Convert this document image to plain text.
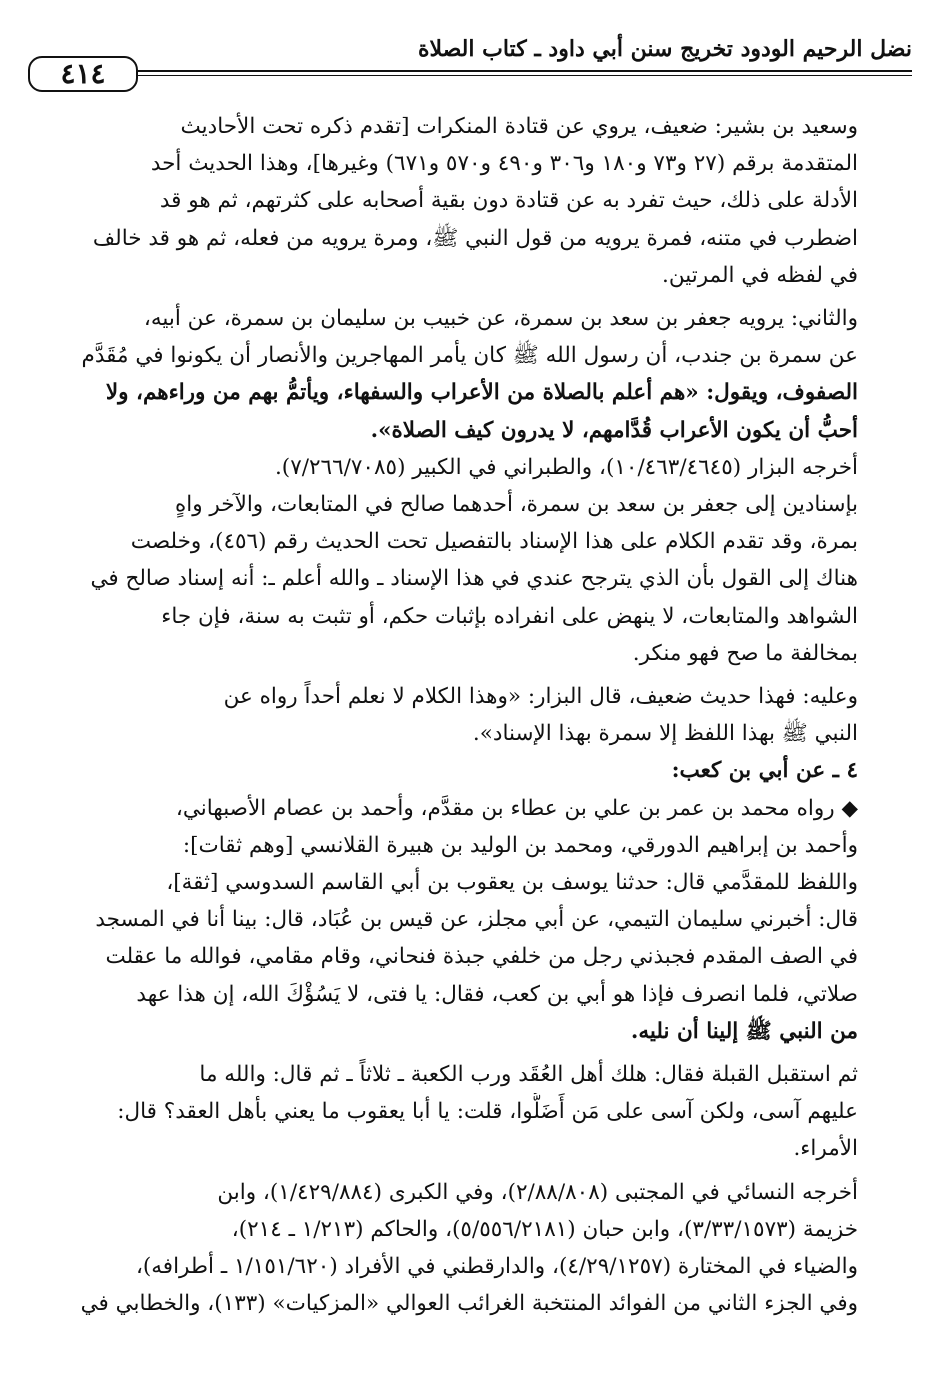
نضل الرحيم الودود تخريج سنن أبي داود ـ كتاب الصلاة
٤١٤
وسعيد بن بشير: ضعيف، يروي عن قتادة المنكرات [تقدم ذكره تحت الأحاديث
المتقدمة برقم (٢٧ و٧٣ و١٨٠ و٣٠٦ و٤٩٠ و٥٧٠ و٦٧١) وغيرها]، وهذا الحديث أحد
الأدلة على ذلك، حيث تفرد به عن قتادة دون بقية أصحابه على كثرتهم، ثم هو قد
اضطرب في متنه، فمرة يرويه من قول النبي ﷺ، ومرة يرويه من فعله، ثم هو قد خالف
في لفظه في المرتين.
والثاني: يرويه جعفر بن سعد بن سمرة، عن خبيب بن سليمان بن سمرة، عن أبيه،
عن سمرة بن جندب، أن رسول الله ﷺ كان يأمر المهاجرين والأنصار أن يكونوا في مُقَدَّم
الصفوف، ويقول: «هم أعلم بالصلاة من الأعراب والسفهاء، ويأتمُّ بهم من وراءهم، ولا
أحبُّ أن يكون الأعراب قُدَّامهم، لا يدرون كيف الصلاة».
أخرجه البزار (١٠/٤٦٣/٤٦٤٥)، والطبراني في الكبير (٧/٢٦٦/٧٠٨٥).
بإسنادين إلى جعفر بن سعد بن سمرة، أحدهما صالح في المتابعات، والآخر واهٍ
بمرة، وقد تقدم الكلام على هذا الإسناد بالتفصيل تحت الحديث رقم (٤٥٦)، وخلصت
هناك إلى القول بأن الذي يترجح عندي في هذا الإسناد ـ والله أعلم ـ: أنه إسناد صالح في
الشواهد والمتابعات، لا ينهض على انفراده بإثبات حكم، أو تثبت به سنة، فإن جاء
بمخالفة ما صح فهو منكر.
وعليه: فهذا حديث ضعيف، قال البزار: «وهذا الكلام لا نعلم أحداً رواه عن
النبي ﷺ بهذا اللفظ إلا سمرة بهذا الإسناد».
٤ ـ عن أبي بن كعب:
◆ رواه محمد بن عمر بن علي بن عطاء بن مقدَّم، وأحمد بن عصام الأصبهاني،
وأحمد بن إبراهيم الدورقي، ومحمد بن الوليد بن هبيرة القلانسي [وهم ثقات]:
واللفظ للمقدَّمي قال: حدثنا يوسف بن يعقوب بن أبي القاسم السدوسي [ثقة]،
قال: أخبرني سليمان التيمي، عن أبي مجلز، عن قيس بن عُبَاد، قال: بينا أنا في المسجد
في الصف المقدم فجبذني رجل من خلفي جبذة فنحاني، وقام مقامي، فوالله ما عقلت
صلاتي، فلما انصرف فإذا هو أبي بن كعب، فقال: يا فتى، لا يَسُؤْكَ الله، إن هذا عهد
من النبي ﷺ إلينا أن نليه.
ثم استقبل القبلة فقال: هلك أهل العُقَد ورب الكعبة ـ ثلاثاً ـ ثم قال: والله ما
عليهم آسى، ولكن آسى على مَن أَضَلُّوا، قلت: يا أبا يعقوب ما يعني بأهل العقد؟ قال:
الأمراء.
أخرجه النسائي في المجتبى (٢/٨٨/٨٠٨)، وفي الكبرى (١/٤٢٩/٨٨٤)، وابن
خزيمة (٣/٣٣/١٥٧٣)، وابن حبان (٥/٥٥٦/٢١٨١)، والحاكم (١/٢١٣ ـ ٢١٤)،
والضياء في المختارة (٤/٢٩/١٢٥٧)، والدارقطني في الأفراد (١/١٥١/٦٢٠ ـ أطرافه)،
وفي الجزء الثاني من الفوائد المنتخبة الغرائب العوالي «المزكيات» (١٣٣)، والخطابي في
